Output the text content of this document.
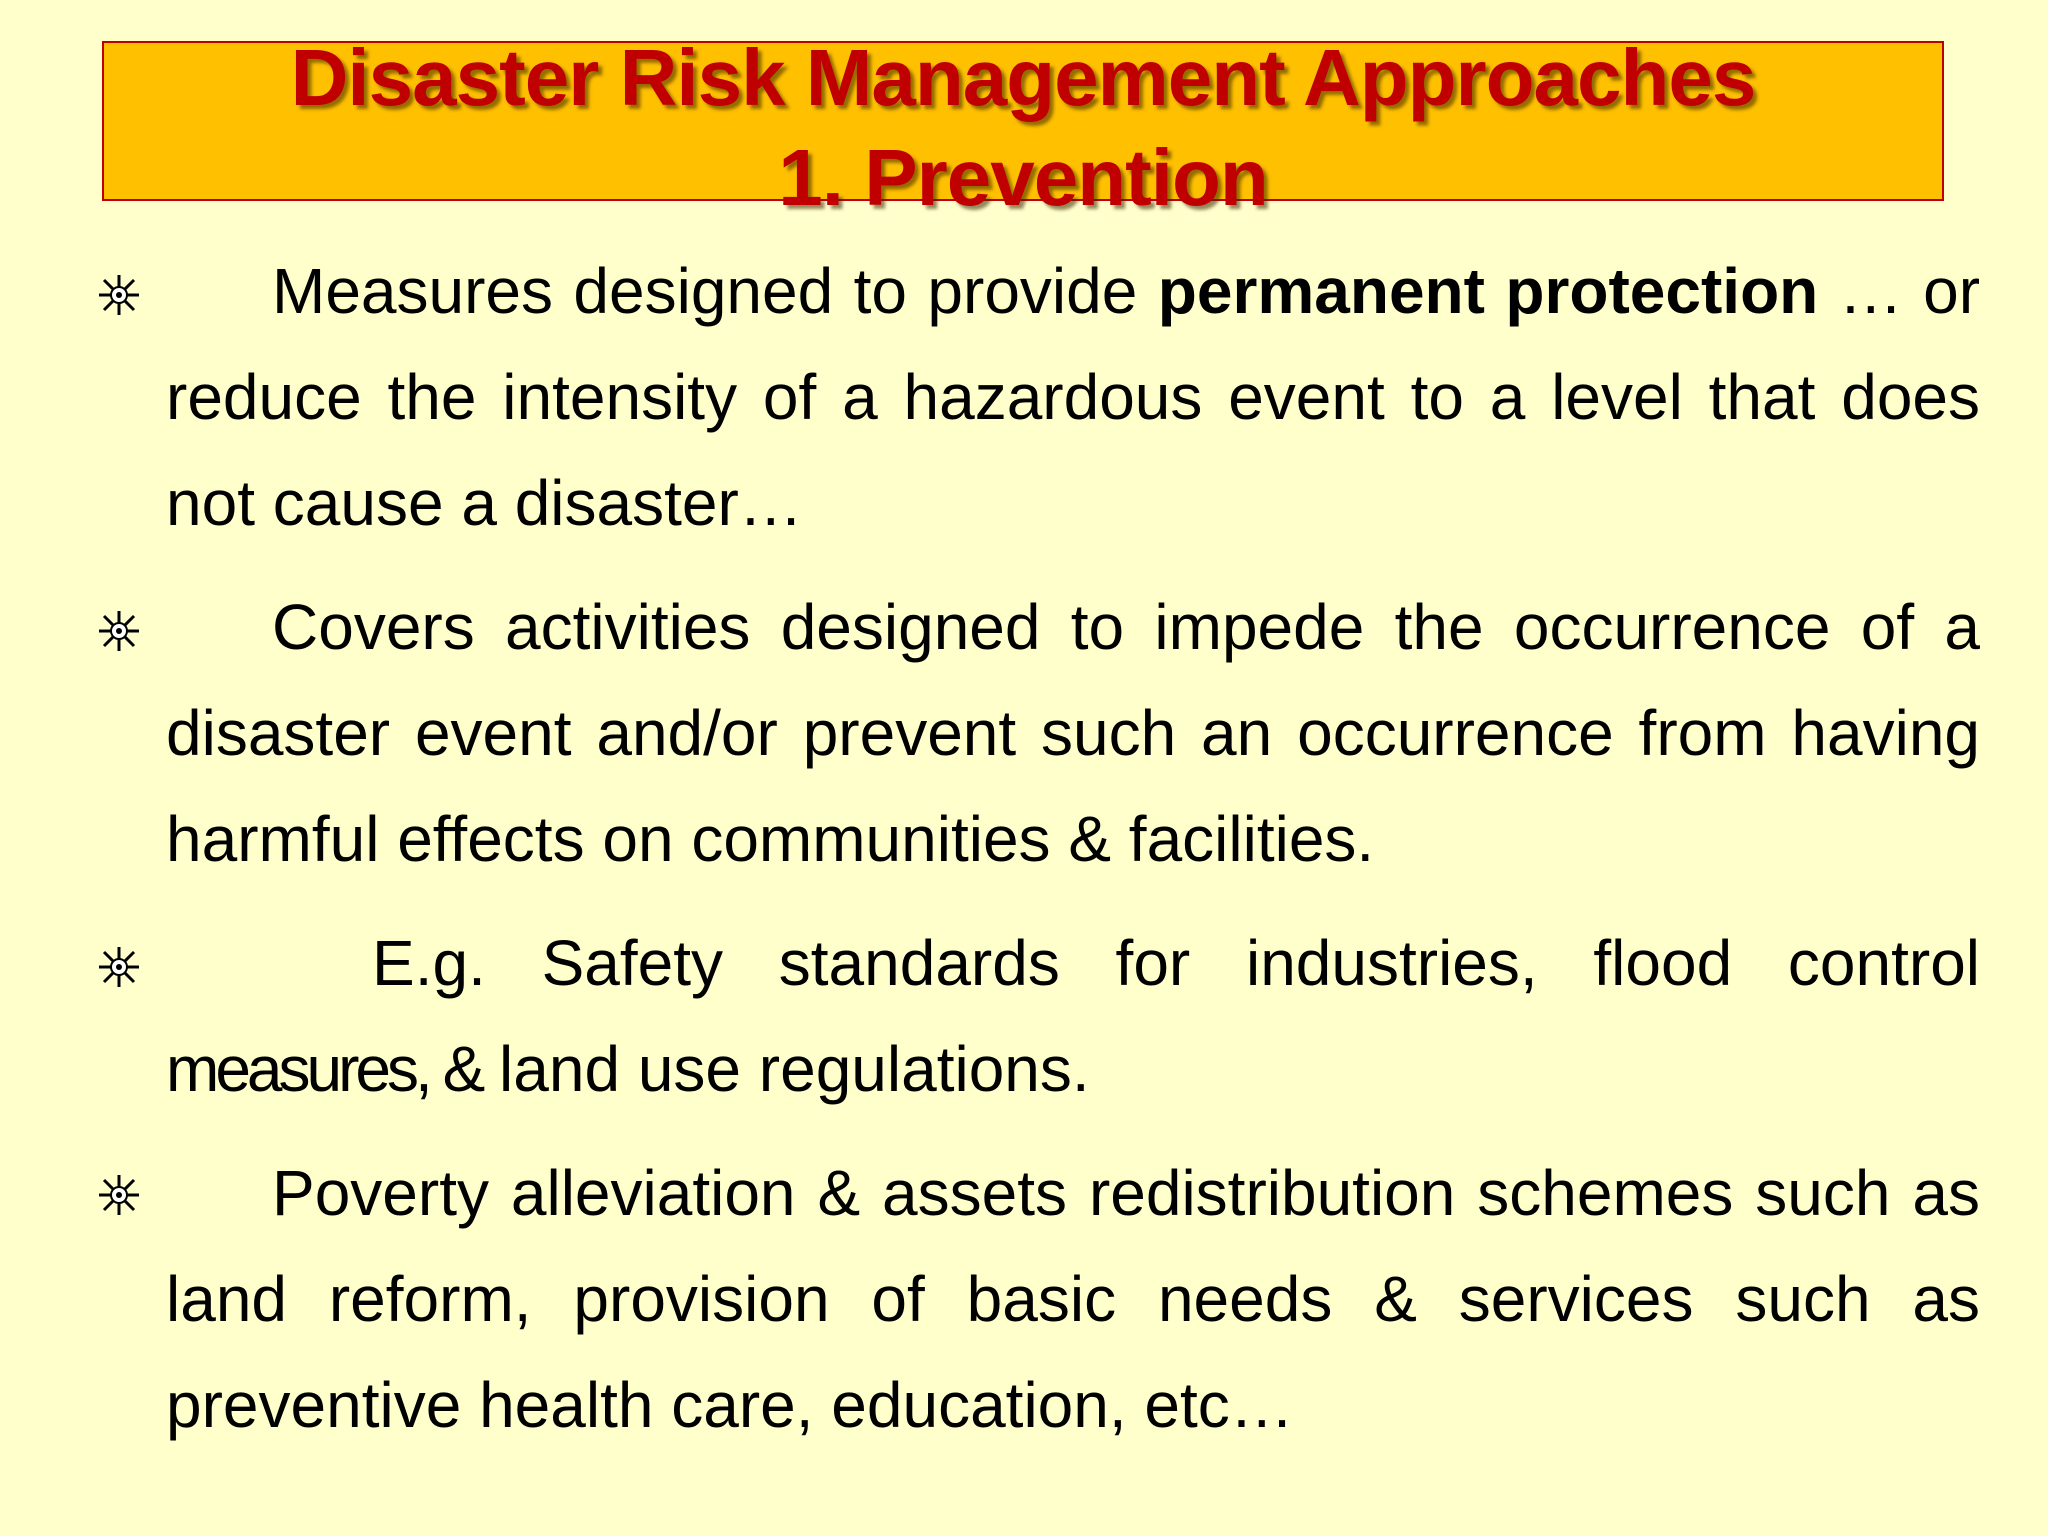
Disaster Risk Management Approaches
1. Prevention
Measures designed to provide permanent protection … or reduce the intensity of a hazardous event to a level that does not cause a disaster…
Covers activities designed to impede the occurrence of a disaster event and/or prevent such an occurrence from having harmful effects on communities & facilities.
E.g. Safety standards for industries, flood control
measures, & land use regulations.
Poverty alleviation & assets redistribution schemes such as land reform, provision of basic needs & services such as preventive health care, education, etc…
